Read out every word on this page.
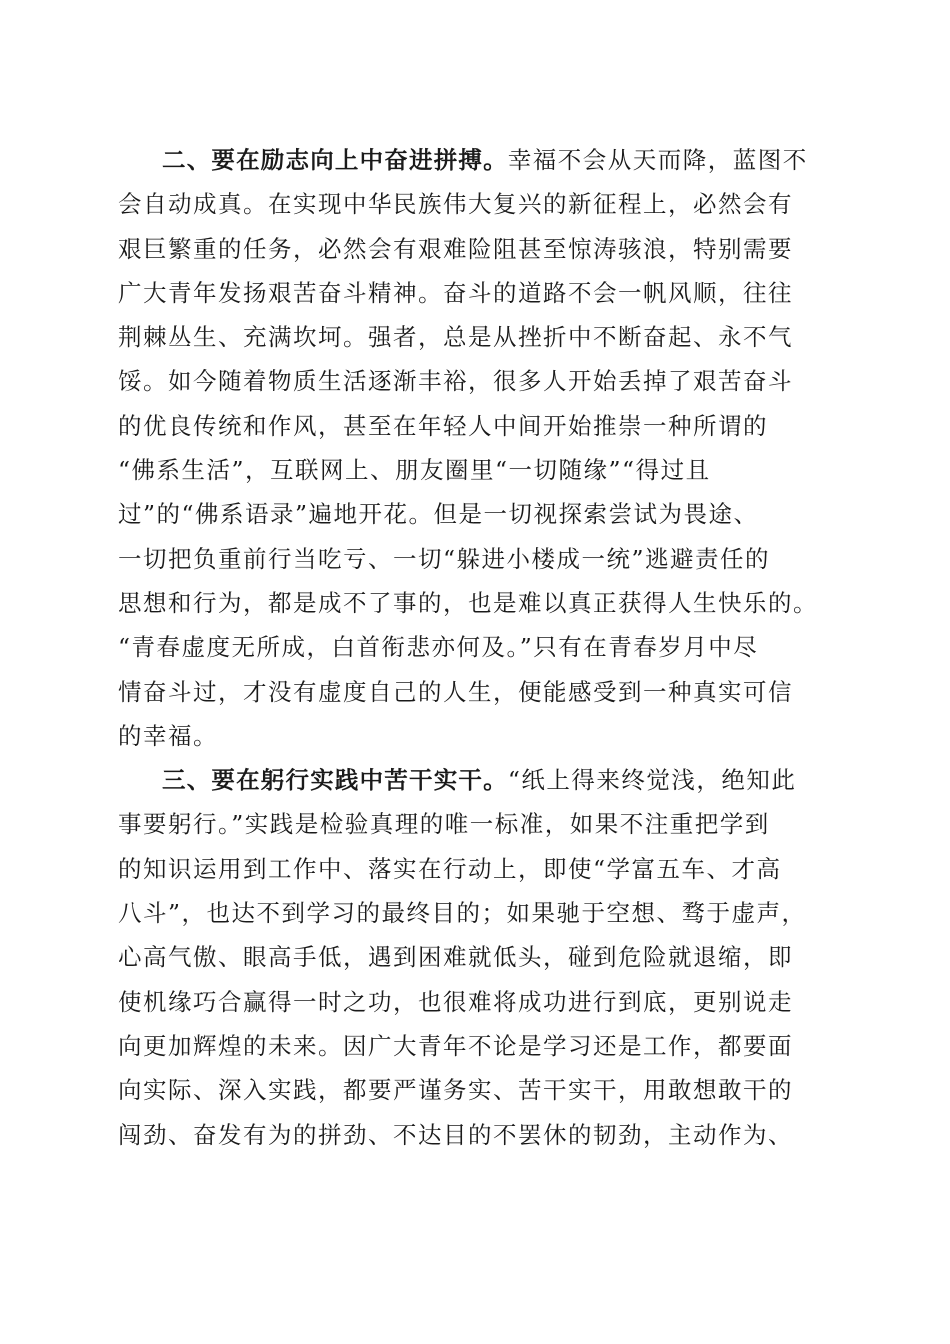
二、要在励志向上中奋进拼搏。幸福不会从天而降，蓝图不
会自动成真。在实现中华民族伟大复兴的新征程上，必然会有
艰巨繁重的任务，必然会有艰难险阻甚至惊涛骇浪，特别需要
广大青年发扬艰苦奋斗精神。奋斗的道路不会一帆风顺，往往
荆棘丛生、充满坎坷。强者，总是从挫折中不断奋起、永不气
馁。如今随着物质生活逐渐丰裕，很多人开始丢掉了艰苦奋斗
的优良传统和作风，甚至在年轻人中间开始推崇一种所谓的
“佛系生活”，互联网上、朋友圈里“一切随缘”“得过且
过”的“佛系语录”遍地开花。但是一切视探索尝试为畏途、
一切把负重前行当吃亏、一切“躲进小楼成一统”逃避责任的
思想和行为，都是成不了事的，也是难以真正获得人生快乐的。
“青春虚度无所成，白首衔悲亦何及。”只有在青春岁月中尽
情奋斗过，才没有虚度自己的人生，便能感受到一种真实可信
的幸福。
三、要在躬行实践中苦干实干。“纸上得来终觉浅，绝知此
事要躬行。”实践是检验真理的唯一标准，如果不注重把学到
的知识运用到工作中、落实在行动上，即使“学富五车、才高
八斗”，也达不到学习的最终目的；如果驰于空想、骛于虚声，
心高气傲、眼高手低，遇到困难就低头，碰到危险就退缩，即
使机缘巧合赢得一时之功，也很难将成功进行到底，更别说走
向更加辉煌的未来。因广大青年不论是学习还是工作，都要面
向实际、深入实践，都要严谨务实、苦干实干，用敢想敢干的
闯劲、奋发有为的拼劲、不达目的不罢休的韧劲，主动作为、
